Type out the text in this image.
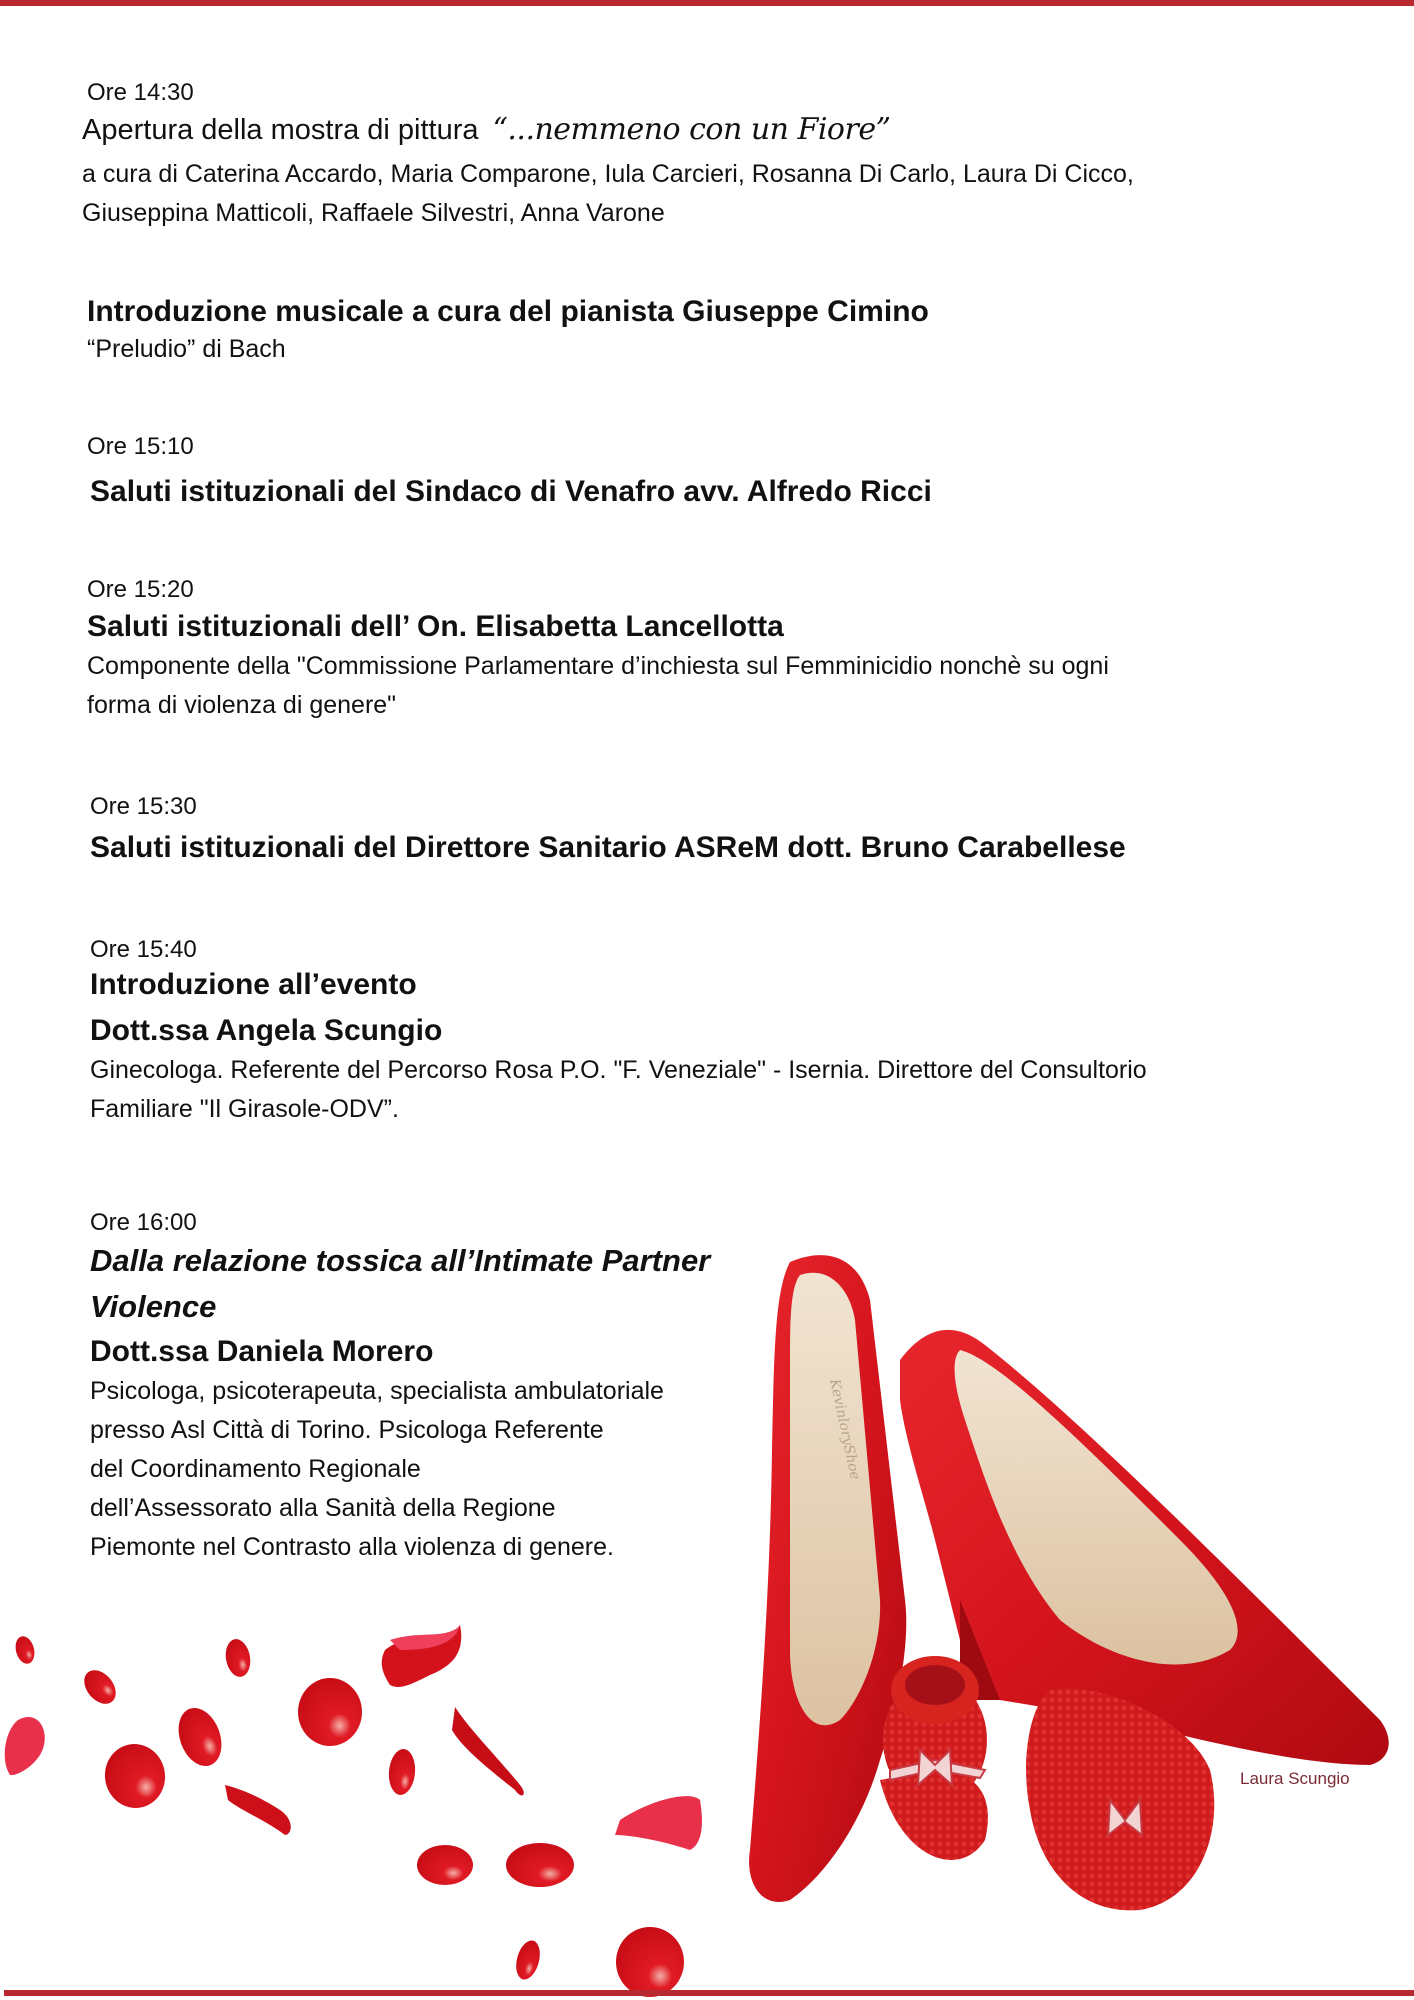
Ore 14:30
Apertura della mostra di pittura “...nemmeno con un Fiore”
a cura di Caterina Accardo, Maria Comparone, Iula Carcieri, Rosanna Di Carlo, Laura Di Cicco,
Giuseppina Matticoli, Raffaele Silvestri, Anna Varone
Introduzione musicale a cura del pianista Giuseppe Cimino
“Preludio” di Bach
Ore 15:10
Saluti istituzionali del Sindaco di Venafro avv. Alfredo Ricci
Ore 15:20
Saluti istituzionali dell’ On. Elisabetta Lancellotta
Componente della "Commissione Parlamentare d’inchiesta sul Femminicidio nonchè su ogni
forma di violenza di genere"
Ore 15:30
Saluti istituzionali del Direttore Sanitario ASReM dott. Bruno Carabellese
Ore 15:40
Introduzione all’evento
Dott.ssa Angela Scungio
Ginecologa. Referente del Percorso Rosa P.O. "F. Veneziale" - Isernia. Direttore del Consultorio
Familiare "Il Girasole-ODV”.
KevinloryShoe
Ore 16:00
Dalla relazione tossica all’Intimate Partner
Violence
Dott.ssa Daniela Morero
Psicologa, psicoterapeuta, specialista ambulatoriale
presso Asl Città di Torino. Psicologa Referente
del Coordinamento Regionale
dell’Assessorato alla Sanità della Regione
Piemonte nel Contrasto alla violenza di genere.
Laura Scungio
